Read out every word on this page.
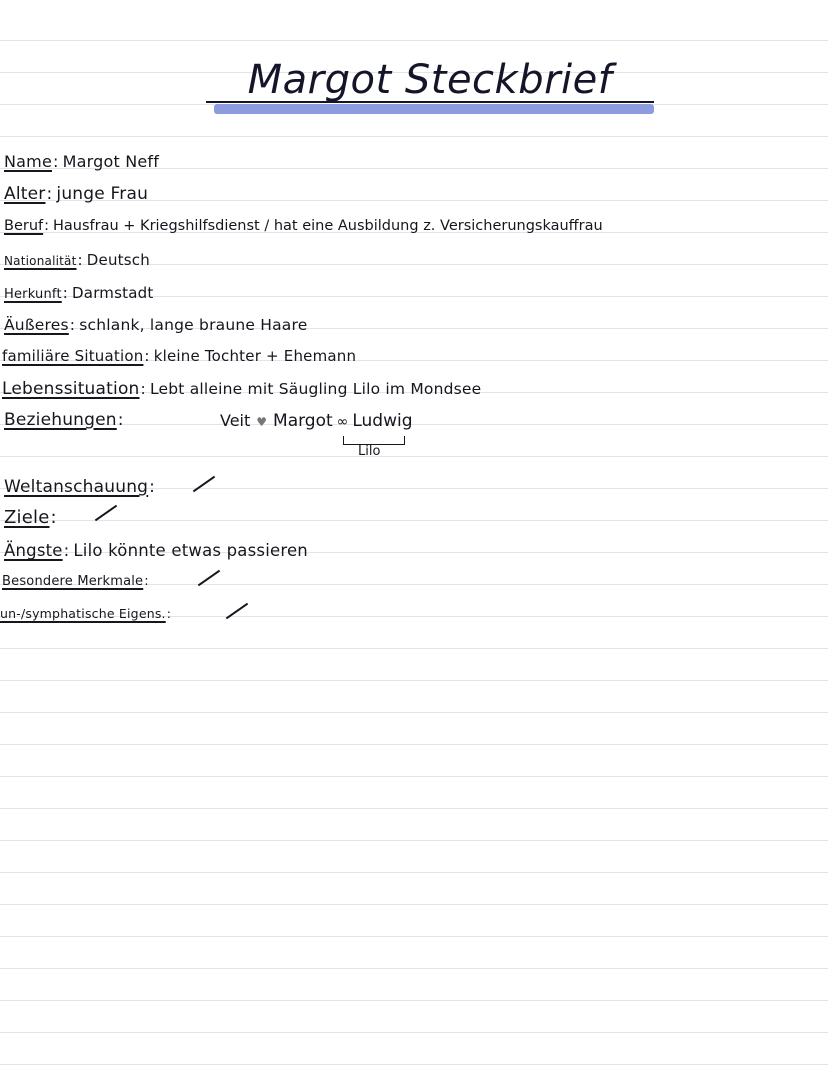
Margot Steckbrief
Name: Margot Neff
Alter: junge Frau
Beruf: Hausfrau + Kriegshilfsdienst / hat eine Ausbildung z. Versicherungskauffrau
Nationalität: Deutsch
Herkunft: Darmstadt
Äußeres: schlank, lange braune Haare
familiäre Situation: kleine Tochter + Ehemann
Lebenssituation: Lebt alleine mit Säugling Lilo im Mondsee
Beziehungen:	Veit ♥ Margot ∞ Ludwig
Lilo
Weltanschauung:
Ziele:
Ängste: Lilo könnte etwas passieren
Besondere Merkmale:
un-/symphatische Eigens.:
